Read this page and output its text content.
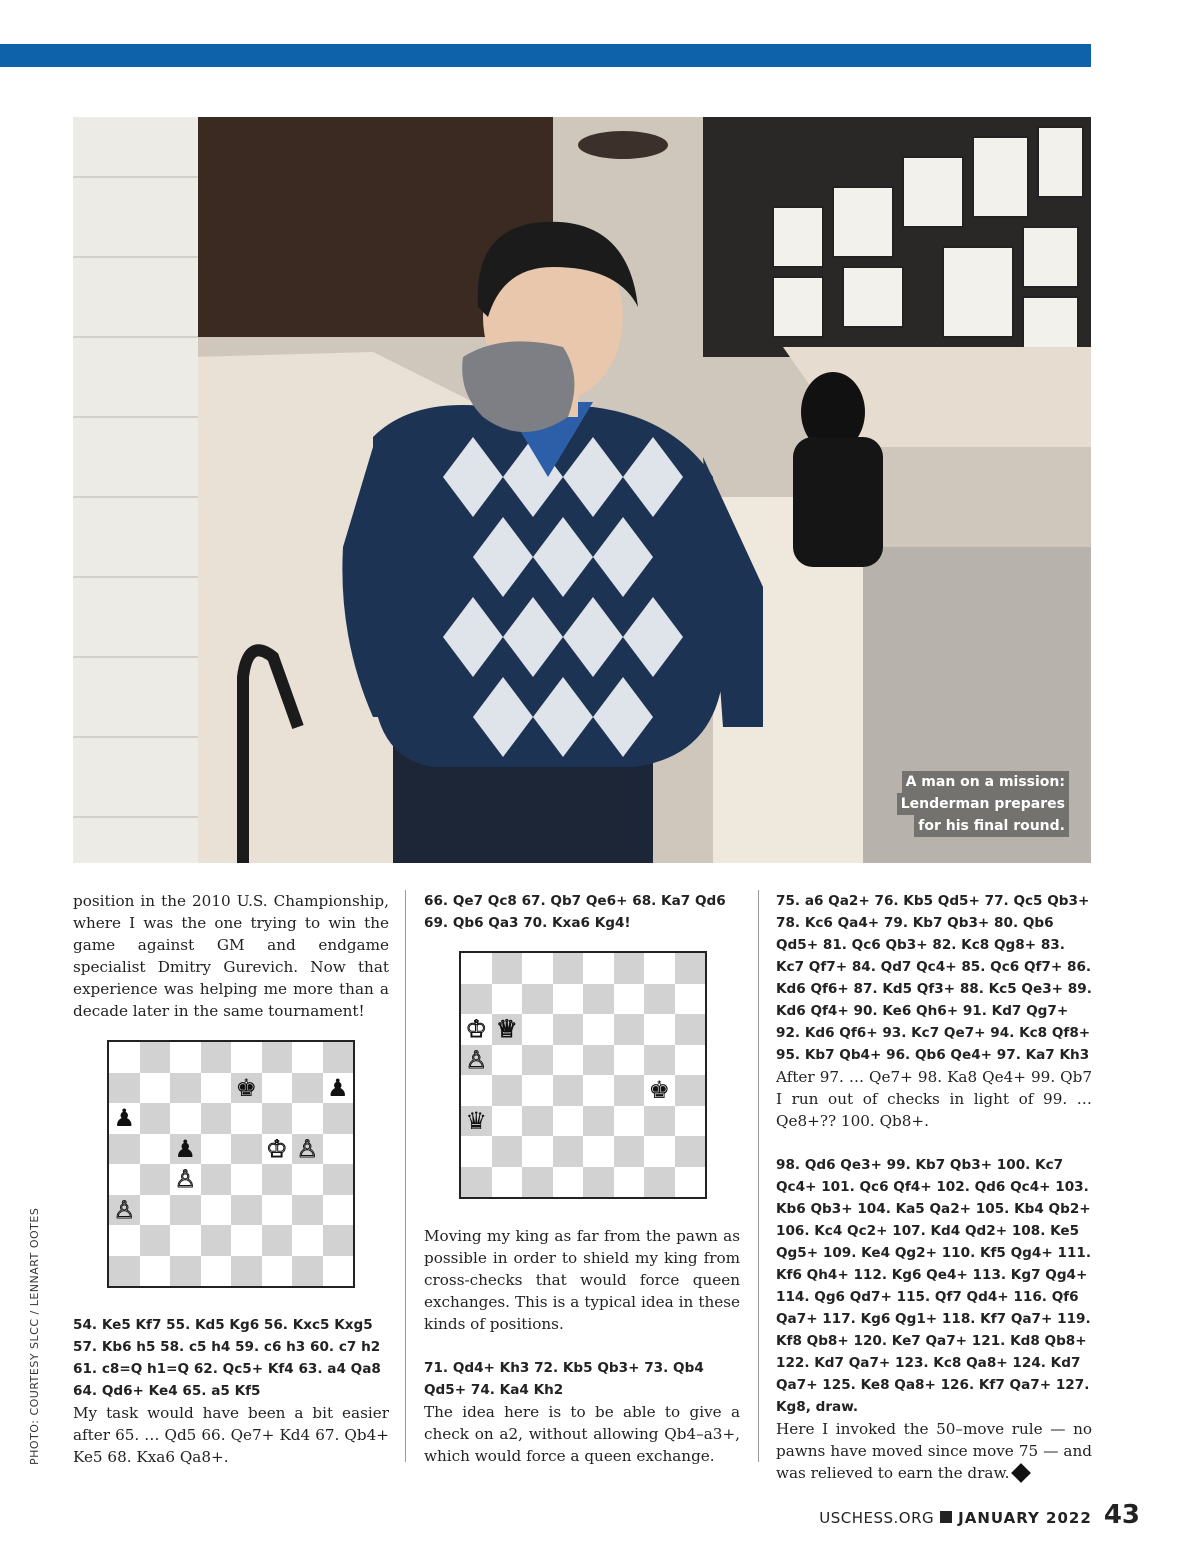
A man on a mission:
Lenderman prepares
for his final round.
PHOTO: COURTESY SLCC / LENNART OOTES

position in the 2010 U.S. Championship, where I was the one trying to win the game against GM and endgame specialist Dmitry Gurevich. Now that experience was helping me more than a decade later in the same tournament!

♚	♟
♟
♟	♔ ♙
♙
♙
54. Ke5 Kf7 55. Kd5 Kg6 56. Kxc5 Kxg5 57. Kb6 h5 58. c5 h4 59. c6 h3 60. c7 h2 61. c8=Q h1=Q 62. Qc5+ Kf4 63. a4 Qa8 64. Qd6+ Ke4 65. a5 Kf5

My task would have been a bit easier after 65. … Qd5 66. Qe7+ Kd4 67. Qb4+ Ke5 68. Kxa6 Qa8+.

66. Qe7 Qc8 67. Qb7 Qe6+ 68. Ka7 Qd6 69. Qb6 Qa3 70. Kxa6 Kg4!
♔ ♕
♙
♚
♛

Moving my king as far from the pawn as possible in order to shield my king from cross-checks that would force queen exchanges. This is a typical idea in these kinds of positions.

71. Qd4+ Kh3 72. Kb5 Qb3+ 73. Qb4 Qd5+ 74. Ka4 Kh2

The idea here is to be able to give a check on a2, without allowing Qb4–a3+, which would force a queen exchange.

75. a6 Qa2+ 76. Kb5 Qd5+ 77. Qc5 Qb3+ 78. Kc6 Qa4+ 79. Kb7 Qb3+ 80. Qb6 Qd5+ 81. Qc6 Qb3+ 82. Kc8 Qg8+ 83. Kc7 Qf7+ 84. Qd7 Qc4+ 85. Qc6 Qf7+ 86. Kd6 Qf6+ 87. Kd5 Qf3+ 88. Kc5 Qe3+ 89. Kd6 Qf4+ 90. Ke6 Qh6+ 91. Kd7 Qg7+ 92. Kd6 Qf6+ 93. Kc7 Qe7+ 94. Kc8 Qf8+ 95. Kb7 Qb4+ 96. Qb6 Qe4+ 97. Ka7 Kh3

After 97. … Qe7+ 98. Ka8 Qe4+ 99. Qb7 I run out of checks in light of 99. … Qe8+?? 100. Qb8+.

98. Qd6 Qe3+ 99. Kb7 Qb3+ 100. Kc7 Qc4+ 101. Qc6 Qf4+ 102. Qd6 Qc4+ 103. Kb6 Qb3+ 104. Ka5 Qa2+ 105. Kb4 Qb2+ 106. Kc4 Qc2+ 107. Kd4 Qd2+ 108. Ke5 Qg5+ 109. Ke4 Qg2+ 110. Kf5 Qg4+ 111. Kf6 Qh4+ 112. Kg6 Qe4+ 113. Kg7 Qg4+ 114. Qg6 Qd7+ 115. Qf7 Qd4+ 116. Qf6 Qa7+ 117. Kg6 Qg1+ 118. Kf7 Qa7+ 119. Kf8 Qb8+ 120. Ke7 Qa7+ 121. Kd8 Qb8+ 122. Kd7 Qa7+ 123. Kc8 Qa8+ 124. Kd7 Qa7+ 125. Ke8 Qa8+ 126. Kf7 Qa7+ 127. Kg8, draw.

Here I invoked the 50–move rule — no pawns have moved since move 75 — and was relieved to earn the draw.

USCHESS.ORG JANUARY 2022 43
